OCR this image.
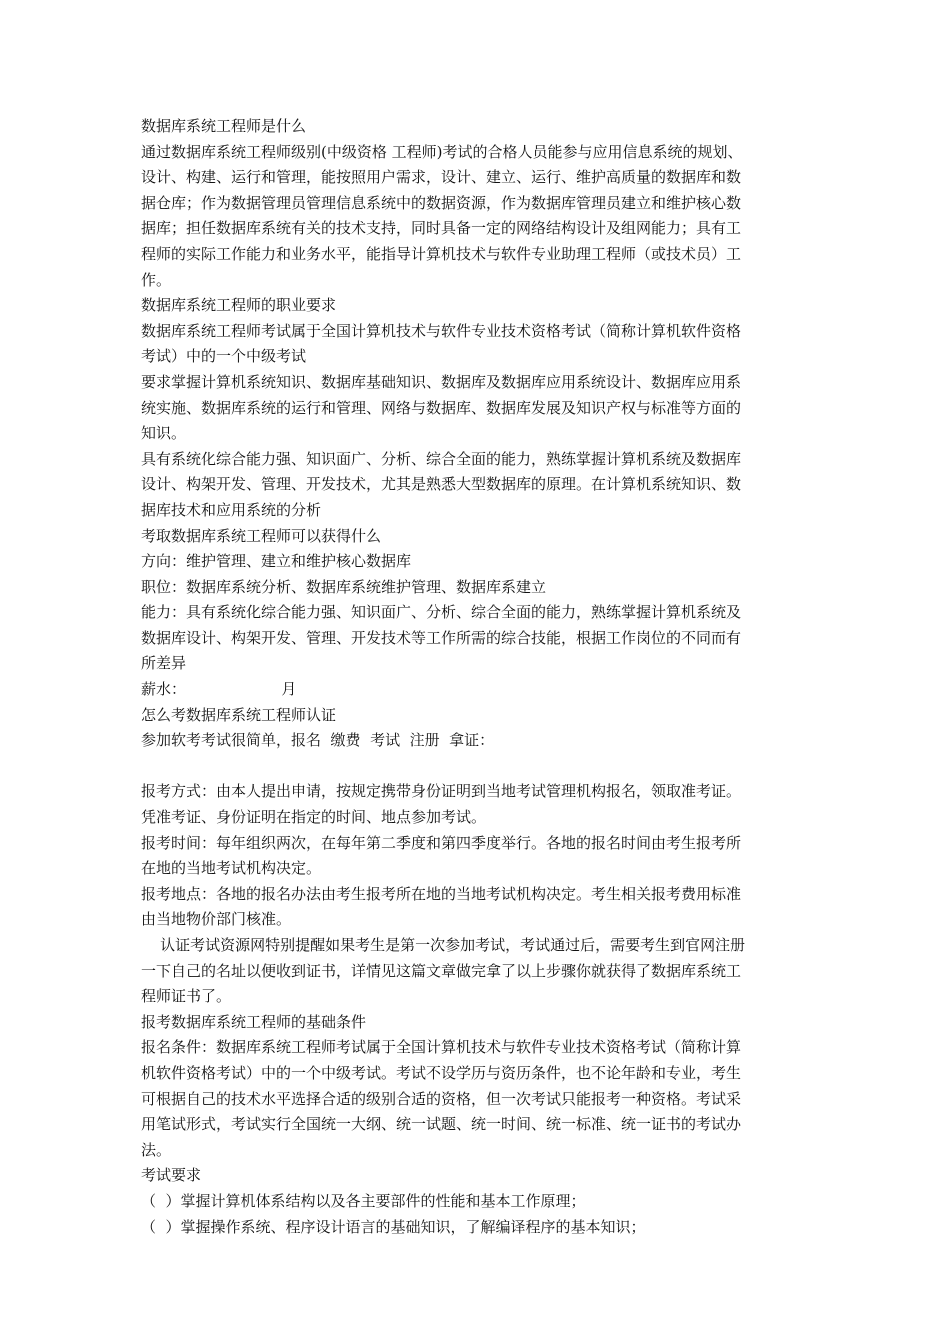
数据库系统工程师是什么
通过数据库系统工程师级别(中级资格 工程师)考试的合格人员能参与应用信息系统的规划、
设计、构建、运行和管理，能按照用户需求，设计、建立、运行、维护高质量的数据库和数
据仓库；作为数据管理员管理信息系统中的数据资源，作为数据库管理员建立和维护核心数
据库；担任数据库系统有关的技术支持，同时具备一定的网络结构设计及组网能力；具有工
程师的实际工作能力和业务水平，能指导计算机技术与软件专业助理工程师（或技术员）工
作。
数据库系统工程师的职业要求
数据库系统工程师考试属于全国计算机技术与软件专业技术资格考试（简称计算机软件资格
考试）中的一个中级考试
要求掌握计算机系统知识、数据库基础知识、数据库及数据库应用系统设计、数据库应用系
统实施、数据库系统的运行和管理、网络与数据库、数据库发展及知识产权与标准等方面的
知识。
具有系统化综合能力强、知识面广、分析、综合全面的能力，熟练掌握计算机系统及数据库
设计、构架开发、管理、开发技术，尤其是熟悉大型数据库的原理。在计算机系统知识、数
据库技术和应用系统的分析
考取数据库系统工程师可以获得什么
方向：维护管理、建立和维护核心数据库
职位：数据库系统分析、数据库系统维护管理、数据库系建立
能力：具有系统化综合能力强、知识面广、分析、综合全面的能力，熟练掌握计算机系统及
数据库设计、构架开发、管理、开发技术等工作所需的综合技能，根据工作岗位的不同而有
所差异
薪水：                    月
怎么考数据库系统工程师认证
参加软考考试很简单，报名  缴费  考试  注册  拿证：
报考方式：由本人提出申请，按规定携带身份证明到当地考试管理机构报名，领取准考证。
凭准考证、身份证明在指定的时间、地点参加考试。
报考时间：每年组织两次，在每年第二季度和第四季度举行。各地的报名时间由考生报考所
在地的当地考试机构决定。
报考地点：各地的报名办法由考生报考所在地的当地考试机构决定。考生相关报考费用标准
由当地物价部门核准。
认证考试资源网特别提醒如果考生是第一次参加考试，考试通过后，需要考生到官网注册
一下自己的名址以便收到证书，详情见这篇文章做完拿了以上步骤你就获得了数据库系统工
程师证书了。
报考数据库系统工程师的基础条件
报名条件：数据库系统工程师考试属于全国计算机技术与软件专业技术资格考试（简称计算
机软件资格考试）中的一个中级考试。考试不设学历与资历条件，也不论年龄和专业，考生
可根据自己的技术水平选择合适的级别合适的资格，但一次考试只能报考一种资格。考试采
用笔试形式，考试实行全国统一大纲、统一试题、统一时间、统一标准、统一证书的考试办
法。
考试要求
（  ）掌握计算机体系结构以及各主要部件的性能和基本工作原理；
（  ）掌握操作系统、程序设计语言的基础知识，了解编译程序的基本知识；
